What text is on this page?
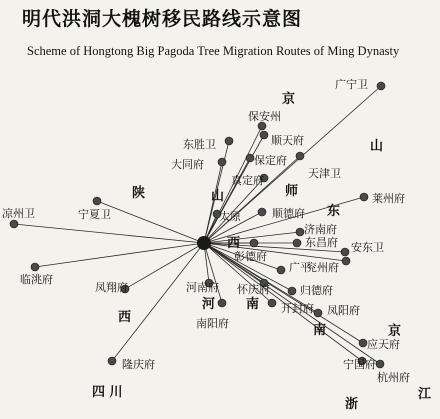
明代洪洞大槐树移民路线示意图
Scheme of Hongtong Big Pagoda Tree Migration Routes of Ming Dynasty
京
山
陕	山	师
东
西
西
河 南
南	京
四 川
浙
江
广宁卫
保安州
东胜卫	顺天府
大同府	保定府
天津卫
真定府
莱州府
凉州卫	宁夏卫	太原	顺德府
济南府
东昌府 安东卫
彰德府
广平
兖州府
临洮府
凤翔府	河南府 怀庆府	归德府
开封府 凤阳府
南阳府
应天府
宁国府
杭州府
隆庆府
